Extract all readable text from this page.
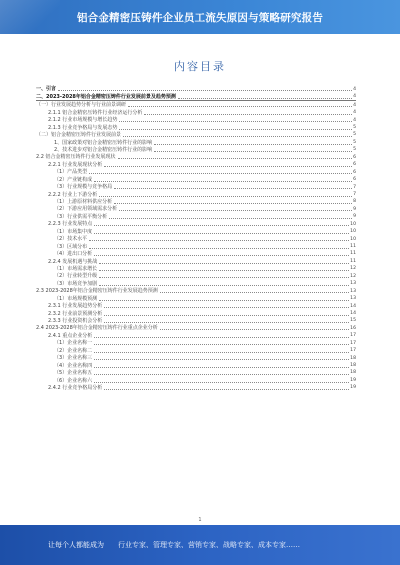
铝合金精密压铸件企业员工流失原因与策略研究报告
内容目录
一、引言	4
二、2023-2028年铝合金精密压铸件行业发展前景及趋势预测	4
（一）行业发展趋势分析与行业前景调研	4
2.1.1 铝合金精密压铸件行业经济运行分析	4
2.1.2 行业市场规模与增长趋势	4
2.1.3 行业竞争格局与发展态势	5
（二）铝合金精密压铸件行业发展前景	5
1、国家政策对铝合金精密压铸件行业的影响	5
2、技术进步对铝合金精密压铸件行业的影响	5
2.2 铝合金精密压铸件行业发展现状	6
2.2.1 行业发展现状分析	6
（1）产品类型	6
（2）产业链构成	6
（3）行业规模与竞争格局	7
2.2.2 行业上下游分析	7
（1）上游原材料供应分析	8
（2）下游应用领域需求分析	9
（3）行业供需平衡分析	9
2.2.3 行业发展特点	10
（1）市场集中度	10
（2）技术水平	10
（3）区域分布	11
（4）进出口分析	11
2.2.4 发展机遇与挑战	11
（1）市场需求增长	12
（2）行业转型升级	12
（3）市场竞争加剧	13
2.3 2023-2028年铝合金精密压铸件行业发展趋势预测	13
（1）市场规模预测	13
2.3.1 行业发展趋势分析	14
2.3.2 行业前景预测分析	14
2.3.3 行业投资机会分析	15
2.4 2023-2028年铝合金精密压铸件行业重点企业分析	16
2.4.1 重点企业分析	17
（1）企业名称一	17
（2）企业名称二	17
（3）企业名称三	18
（4）企业名称四	18
（5）企业名称五	18
（6）企业名称六	19
2.4.2 行业竞争格局分析	19
1
让每个人都能成为 行业专家、管理专家、营销专家、战略专家、成本专家……
